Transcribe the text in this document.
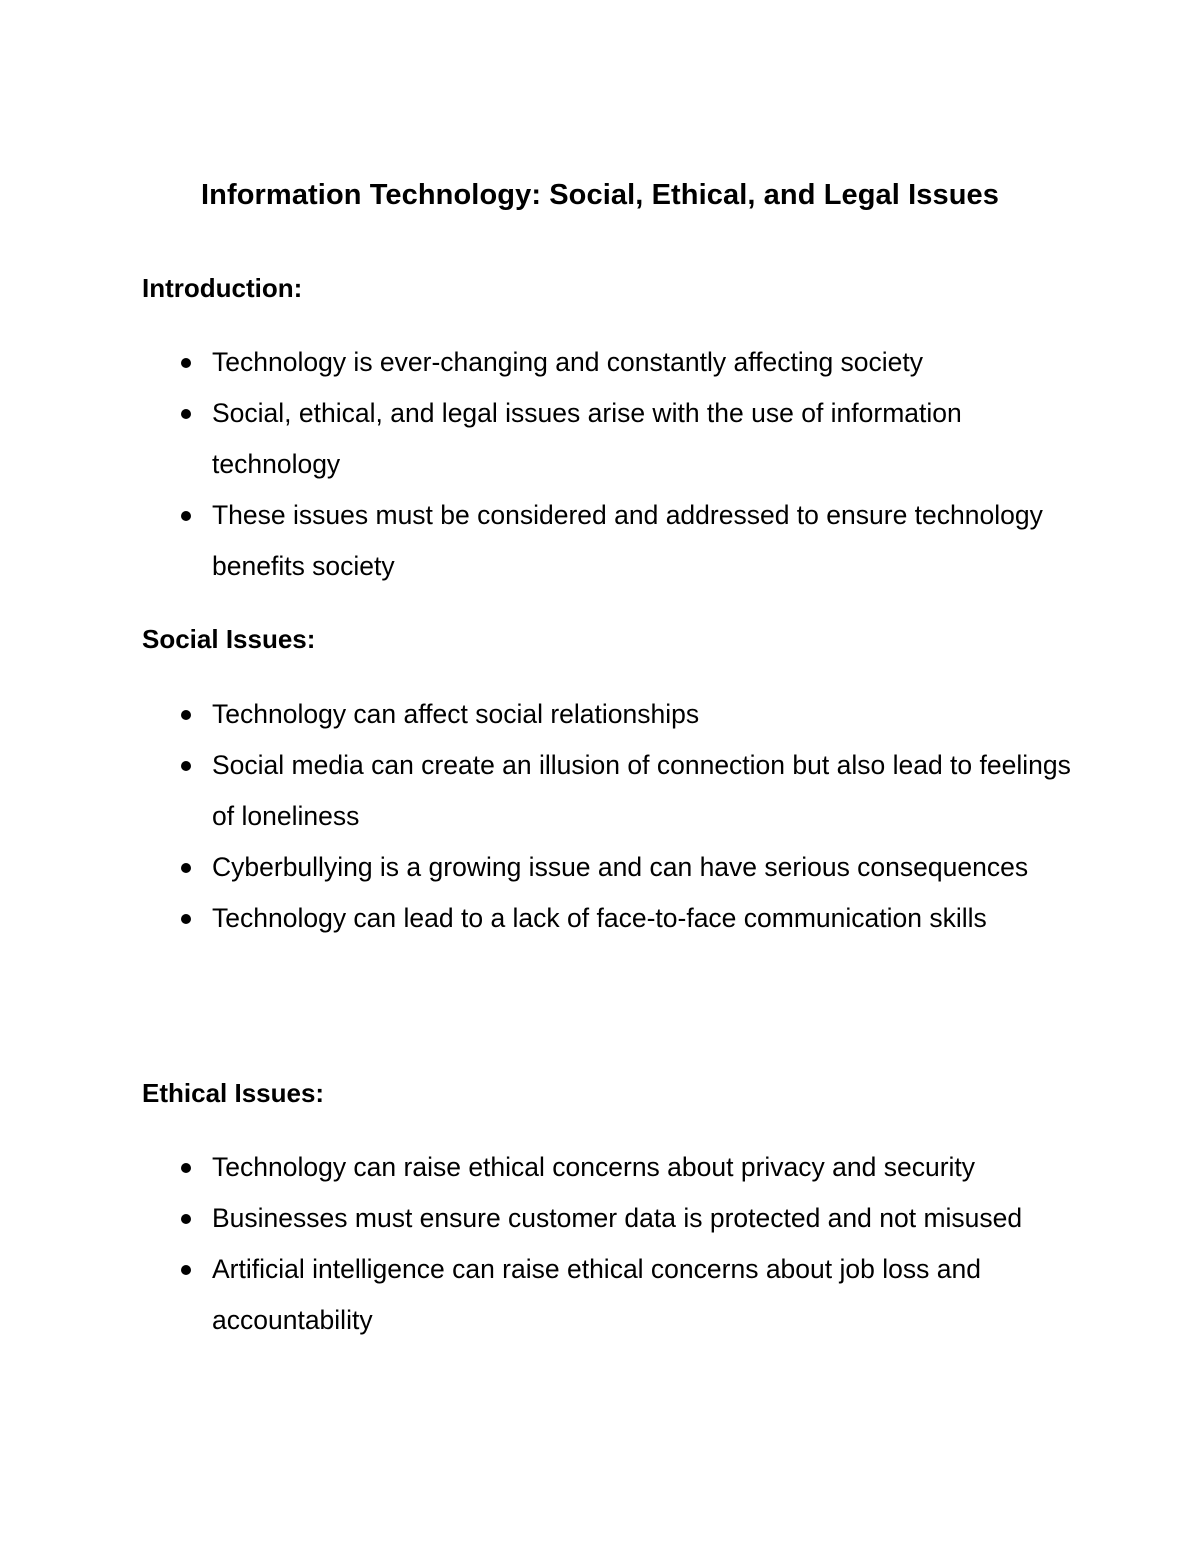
Information Technology: Social, Ethical, and Legal Issues
Introduction:
Technology is ever-changing and constantly affecting society
Social, ethical, and legal issues arise with the use of information technology
These issues must be considered and addressed to ensure technology benefits society
Social Issues:
Technology can affect social relationships
Social media can create an illusion of connection but also lead to feelings of loneliness
Cyberbullying is a growing issue and can have serious consequences
Technology can lead to a lack of face-to-face communication skills
Ethical Issues:
Technology can raise ethical concerns about privacy and security
Businesses must ensure customer data is protected and not misused
Artificial intelligence can raise ethical concerns about job loss and accountability
